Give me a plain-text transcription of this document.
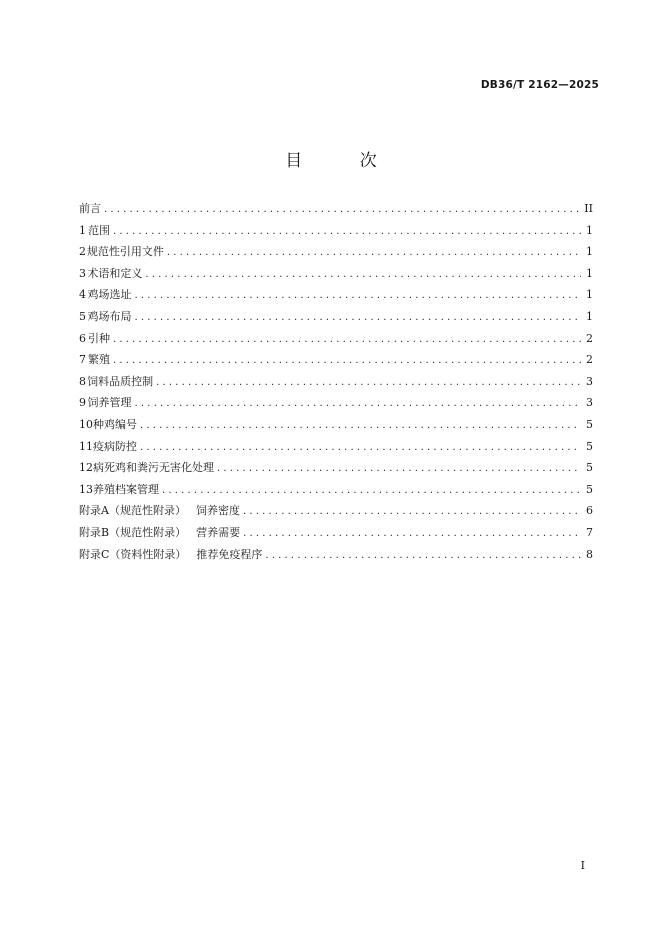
DB36/T 2162—2025
目 次
前言 .....	II
1 范围 .....	1
2 规范性引用文件 .....	1
3 术语和定义 .....	1
4 鸡场选址 .....	1
5 鸡场布局 .....	1
6 引种 .....	2
7 繁殖 .....	2
8 饲料品质控制 .....	3
9 饲养管理 .....	3
10 种鸡编号 .....	5
11 疫病防控 .....	5
12 病死鸡和粪污无害化处理 .....	5
13 养殖档案管理 .....	5
附录A（规范性附录） 饲养密度 .....	6
附录B（规范性附录） 营养需要 .....	7
附录C（资料性附录） 推荐免疫程序 .....	8
I
